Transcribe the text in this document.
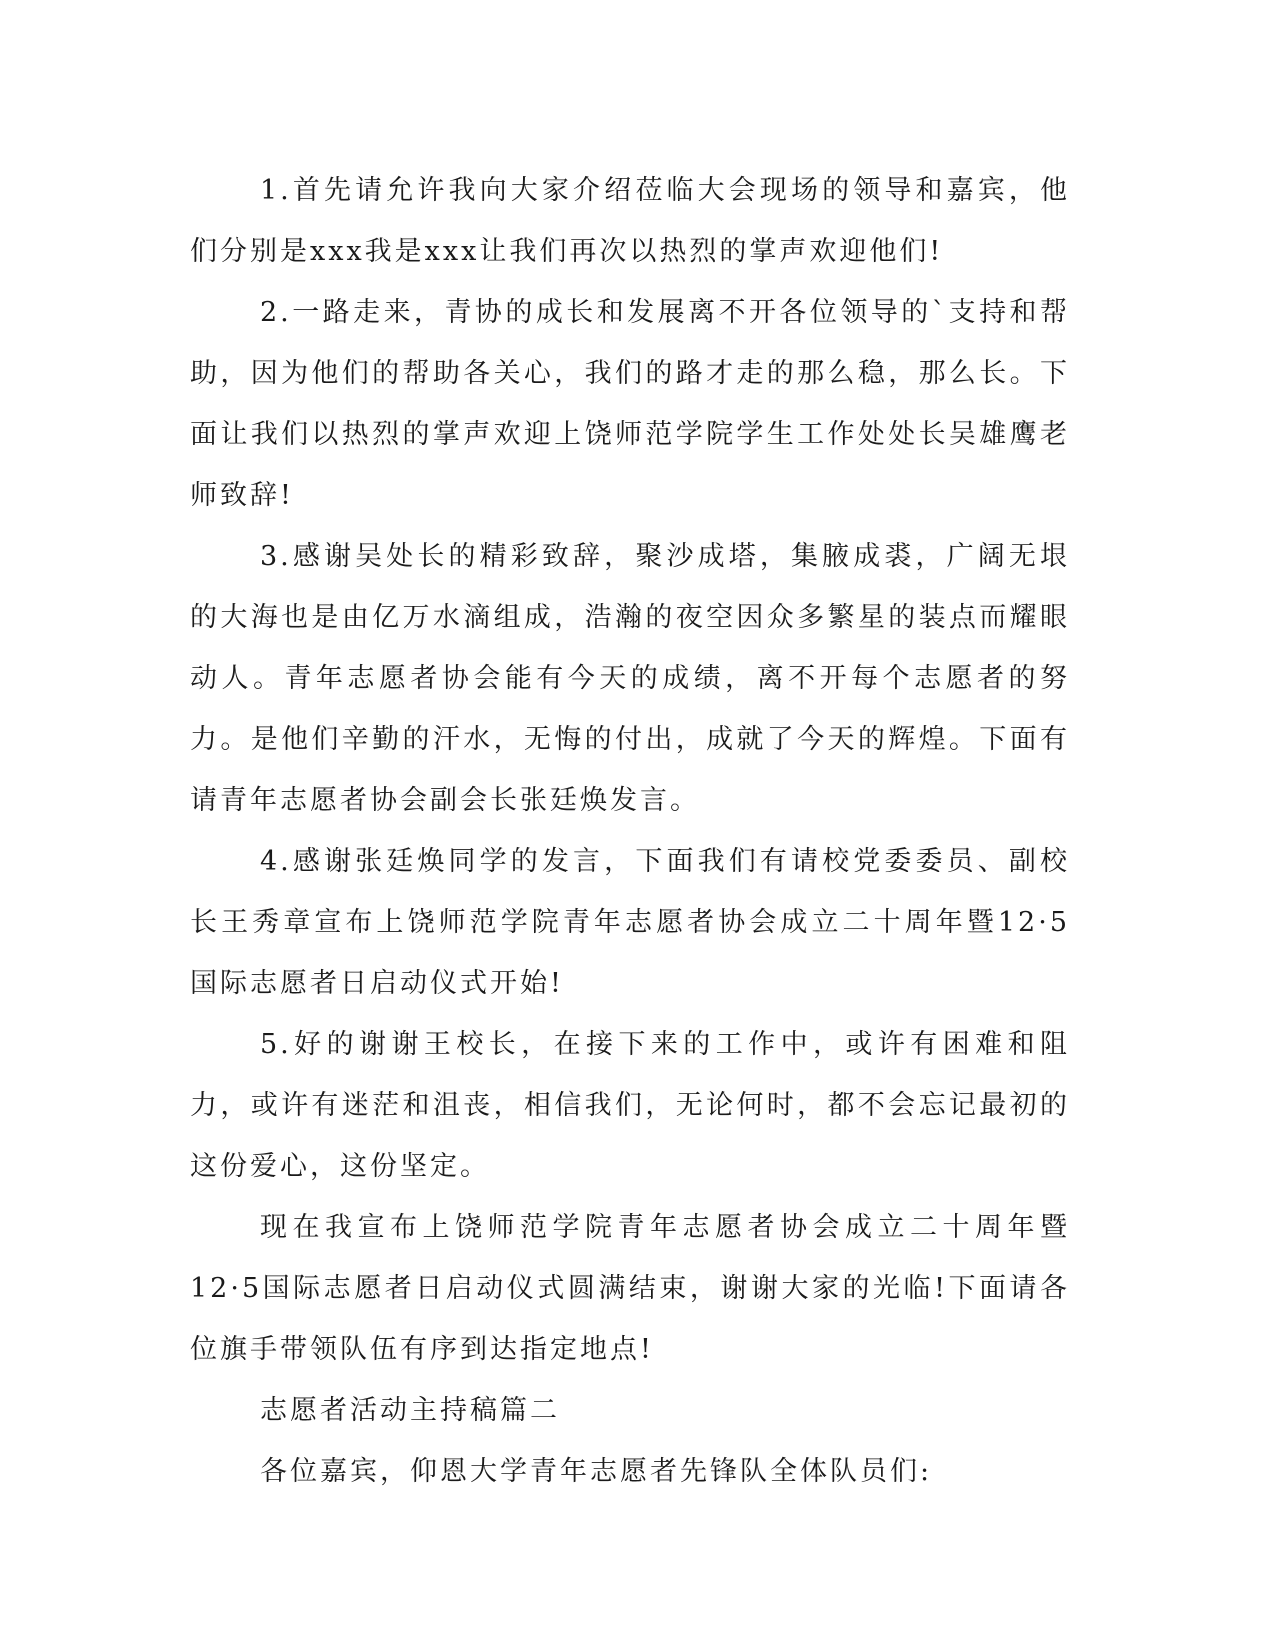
1.首先请允许我向大家介绍莅临大会现场的领导和嘉宾，他们分别是xxx我是xxx让我们再次以热烈的掌声欢迎他们!

2.一路走来，青协的成长和发展离不开各位领导的`支持和帮助，因为他们的帮助各关心，我们的路才走的那么稳，那么长。下面让我们以热烈的掌声欢迎上饶师范学院学生工作处处长吴雄鹰老师致辞!

3.感谢吴处长的精彩致辞，聚沙成塔，集腋成裘，广阔无垠的大海也是由亿万水滴组成，浩瀚的夜空因众多繁星的装点而耀眼动人。青年志愿者协会能有今天的成绩，离不开每个志愿者的努力。是他们辛勤的汗水，无悔的付出，成就了今天的辉煌。下面有请青年志愿者协会副会长张廷焕发言。

4.感谢张廷焕同学的发言，下面我们有请校党委委员、副校长王秀章宣布上饶师范学院青年志愿者协会成立二十周年暨12·5国际志愿者日启动仪式开始!

5.好的谢谢王校长，在接下来的工作中，或许有困难和阻力，或许有迷茫和沮丧，相信我们，无论何时，都不会忘记最初的这份爱心，这份坚定。

现在我宣布上饶师范学院青年志愿者协会成立二十周年暨12·5国际志愿者日启动仪式圆满结束，谢谢大家的光临!下面请各位旗手带领队伍有序到达指定地点!

志愿者活动主持稿篇二

各位嘉宾，仰恩大学青年志愿者先锋队全体队员们:
